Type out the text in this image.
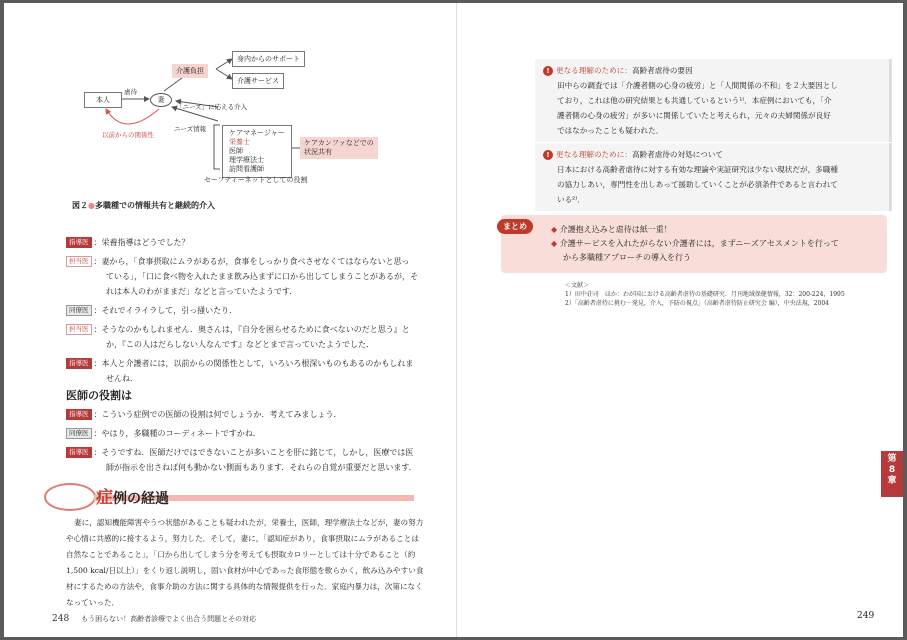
身内からのサポート
介護負担
介護サービス
本人	妻
虐待
「ニーズ」に応える介入
ニーズ情報
以前からの関係性	ケアマネージャー
栄養士
医師
理学療法士
訪問看護師
ケアカンファなどでの
状況共有
セーフティーネットとしての役割
図２●多職種での情報共有と継続的介入
指導医 ：栄養指導はどうでした？
担当医 ：妻から，「食事摂取にムラがあるが，食事をしっかり食べさせなくてはならないと思っ
ている」，「口に食べ物を入れたまま飲み込まずに口から出してしまうことがあるが，そ
れは本人のわがままだ」などと言っていたようです．
同僚医 ：それでイライラして，引っ掻いたり．
担当医 ：そうなのかもしれません．奥さんは，『自分を困らせるために食べないのだと思う』と
か，『この人はだらしない人なんです』などとまで言っていたようでした．
指導医 ：本人と介護者には，以前からの関係性として，いろいろ根深いものもあるのかもしれま
せんね．
医師の役割は
指導医 ：こういう症例での医師の役割は何でしょうか．考えてみましょう．
同僚医 ：やはり，多職種のコーディネートですかね．
指導医 ：そうですね．医師だけではできないことが多いことを肝に銘じて，しかし，医療では医
師が指示を出さねば何も動かない側面もあります．それらの自覚が重要だと思います．
症例の経過
妻に，認知機能障害やうつ状態があることも疑われたが，栄養士，医師，理学療法士などが，妻の努力や心情に共感的に接するよう，努力した．そして，妻に，「認知症があり，食事摂取にムラがあることは自然なことであること」，「口から出してしまう分を考えても摂取カロリーとしては十分であること（約1,500 kcal/日以上）」をくり返し説明し，固い食材が中心であった食形態を軟らかく，飲み込みやすい食材にするための方法や，食事介助の方法に関する具体的な情報提供を行った．家庭内暴力は，次第になくなっていった．
248 もう困らない！高齢者診療でよく出合う問題とその対応
! 更なる理解のために：高齢者虐待の要因
田中らの調査では「介護者側の心身の疲労」と「人間関係の不和」を２大要因とし
ており，これは他の研究結果とも共通しているという¹⁾．本症例においても，「介
護者側の心身の疲労」が多いに関係していたと考えられ，元々の夫婦関係が良好
ではなかったことも疑われた．
! 更なる理解のために：高齢者虐待の対処について
日本における高齢者虐待に対する有効な理論や実証研究は少ない現状だが，多職種
の協力しあい，専門性を出しあって援助していくことが必須条件であると言われて
いる²⁾．
まとめ	◆ 介護抱え込みと虐待は紙一重！
◆ 介護サービスを入れたがらない介護者には，まずニーズアセスメントを行って
から多職種アプローチの導入を行う
＜文献＞
1）田中荘司　ほか：わが国における高齢者虐待の基礎研究．月刊地域保健情報，32：200-224，1995
2）「高齢者虐待に挑む－発見，介入，予防の視点」（高齢者虐待防止研究会 編），中央法規，2004
第
8
章
249
